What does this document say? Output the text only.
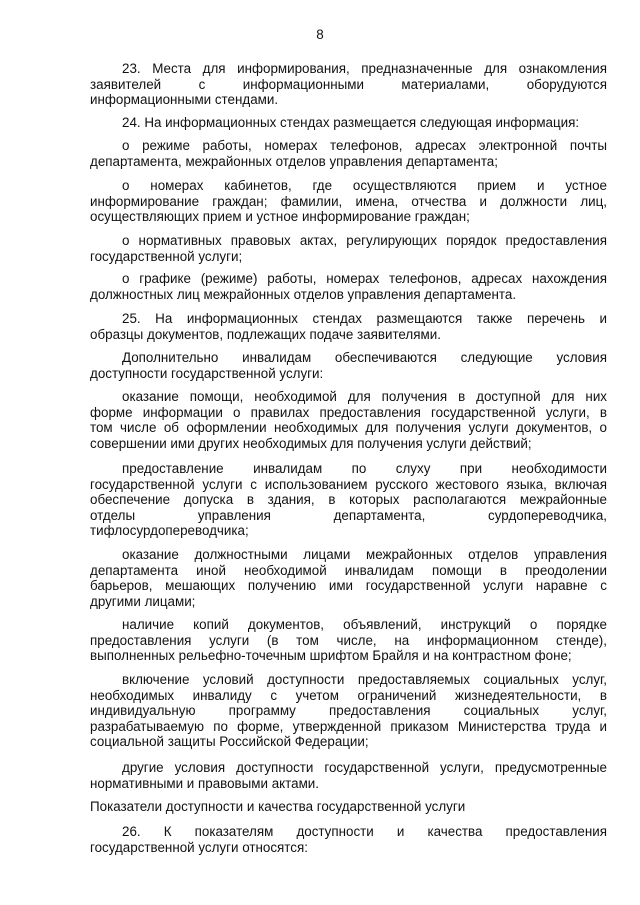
8
23. Места для информирования, предназначенные для ознакомления
заявителей с информационными материалами, оборудуются
информационными стендами.
24. На информационных стендах размещается следующая информация:
о режиме работы, номерах телефонов, адресах электронной почты
департамента, межрайонных отделов управления департамента;
о номерах кабинетов, где осуществляются прием и устное
информирование граждан; фамилии, имена, отчества и должности лиц,
осуществляющих прием и устное информирование граждан;
о нормативных правовых актах, регулирующих порядок предоставления
государственной услуги;
о графике (режиме) работы, номерах телефонов, адресах нахождения
должностных лиц межрайонных отделов управления департамента.
25. На информационных стендах размещаются также перечень и
образцы документов, подлежащих подаче заявителями.
Дополнительно инвалидам обеспечиваются следующие условия
доступности государственной услуги:
оказание помощи, необходимой для получения в доступной для них
форме информации о правилах предоставления государственной услуги, в
том числе об оформлении необходимых для получения услуги документов, о
совершении ими других необходимых для получения услуги действий;
предоставление инвалидам по слуху при необходимости
государственной услуги с использованием русского жестового языка, включая
обеспечение допуска в здания, в которых располагаются межрайонные
отделы управления департамента, сурдопереводчика,
тифлосурдопереводчика;
оказание должностными лицами межрайонных отделов управления
департамента иной необходимой инвалидам помощи в преодолении
барьеров, мешающих получению ими государственной услуги наравне с
другими лицами;
наличие копий документов, объявлений, инструкций о порядке
предоставления услуги (в том числе, на информационном стенде),
выполненных рельефно-точечным шрифтом Брайля и на контрастном фоне;
включение условий доступности предоставляемых социальных услуг,
необходимых инвалиду с учетом ограничений жизнедеятельности, в
индивидуальную программу предоставления социальных услуг,
разрабатываемую по форме, утвержденной приказом Министерства труда и
социальной защиты Российской Федерации;
другие условия доступности государственной услуги, предусмотренные
нормативными и правовыми актами.
Показатели доступности и качества государственной услуги
26. К показателям доступности и качества предоставления
государственной услуги относятся:
